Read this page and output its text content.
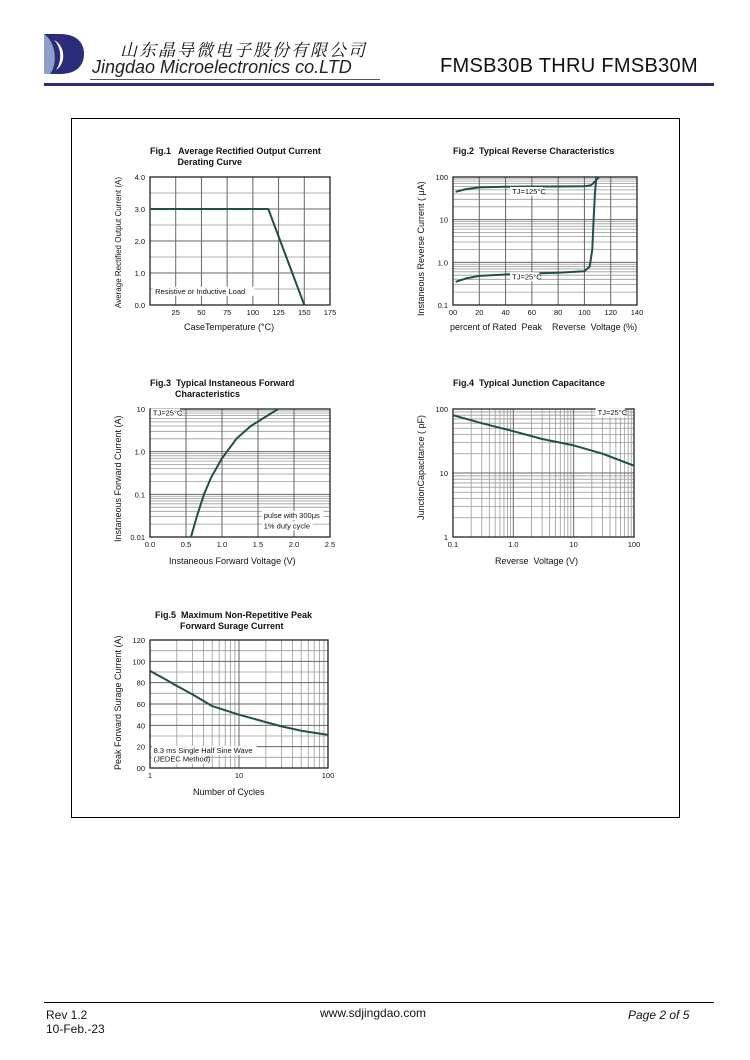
山东晶导微电子股份有限公司
Jingdao Microelectronics co.LTD	FMSB30B THRU FMSB30M
Fig.1   Average Rectified Output Current
Derating Curve
Fig.2  Typical Reverse Characteristics
Fig.3  Typical Instaneous Forward
Characteristics
Fig.4  Typical Junction Capacitance
Fig.5  Maximum Non-Repetitive Peak
Forward Surage Current
CaseTemperature (°C)	percent of Rated  Peak    Reverse  Voltage (%)
Instaneous Forward Voltage (V)	Reverse  Voltage (V)
Number of Cycles
Average Rectified Output Current (A)	Instaneous Reverse Current ( μA)
Instaneous Forward Current (A)	JunctionCapacitance ( pF)
Peak Forward Surage Current (A)
25 50 75 100 125 150 175
0.0
1.0
2.0
3.0
4.0
Resistive or Inductive Load
00 20 40 60 80 100 120 140
0.1
1.0
10
100
TJ=125°C
TJ=25°C
0.0	0.5	1.0	1.5	2.0	2.5
0.01
0.1
1.0
10 TJ=25°C
pulse with 300μs
1% duty cycle
0.1	1.0	10	100
1
10
100	TJ=25°C
1	10	100
00
20
40
60
80
100
120
8.3 ms Single Half Sine Wave
(JEDEC Method)
Rev 1.2
10-Feb.-23
www.sdjingdao.com	Page 2 of 5
